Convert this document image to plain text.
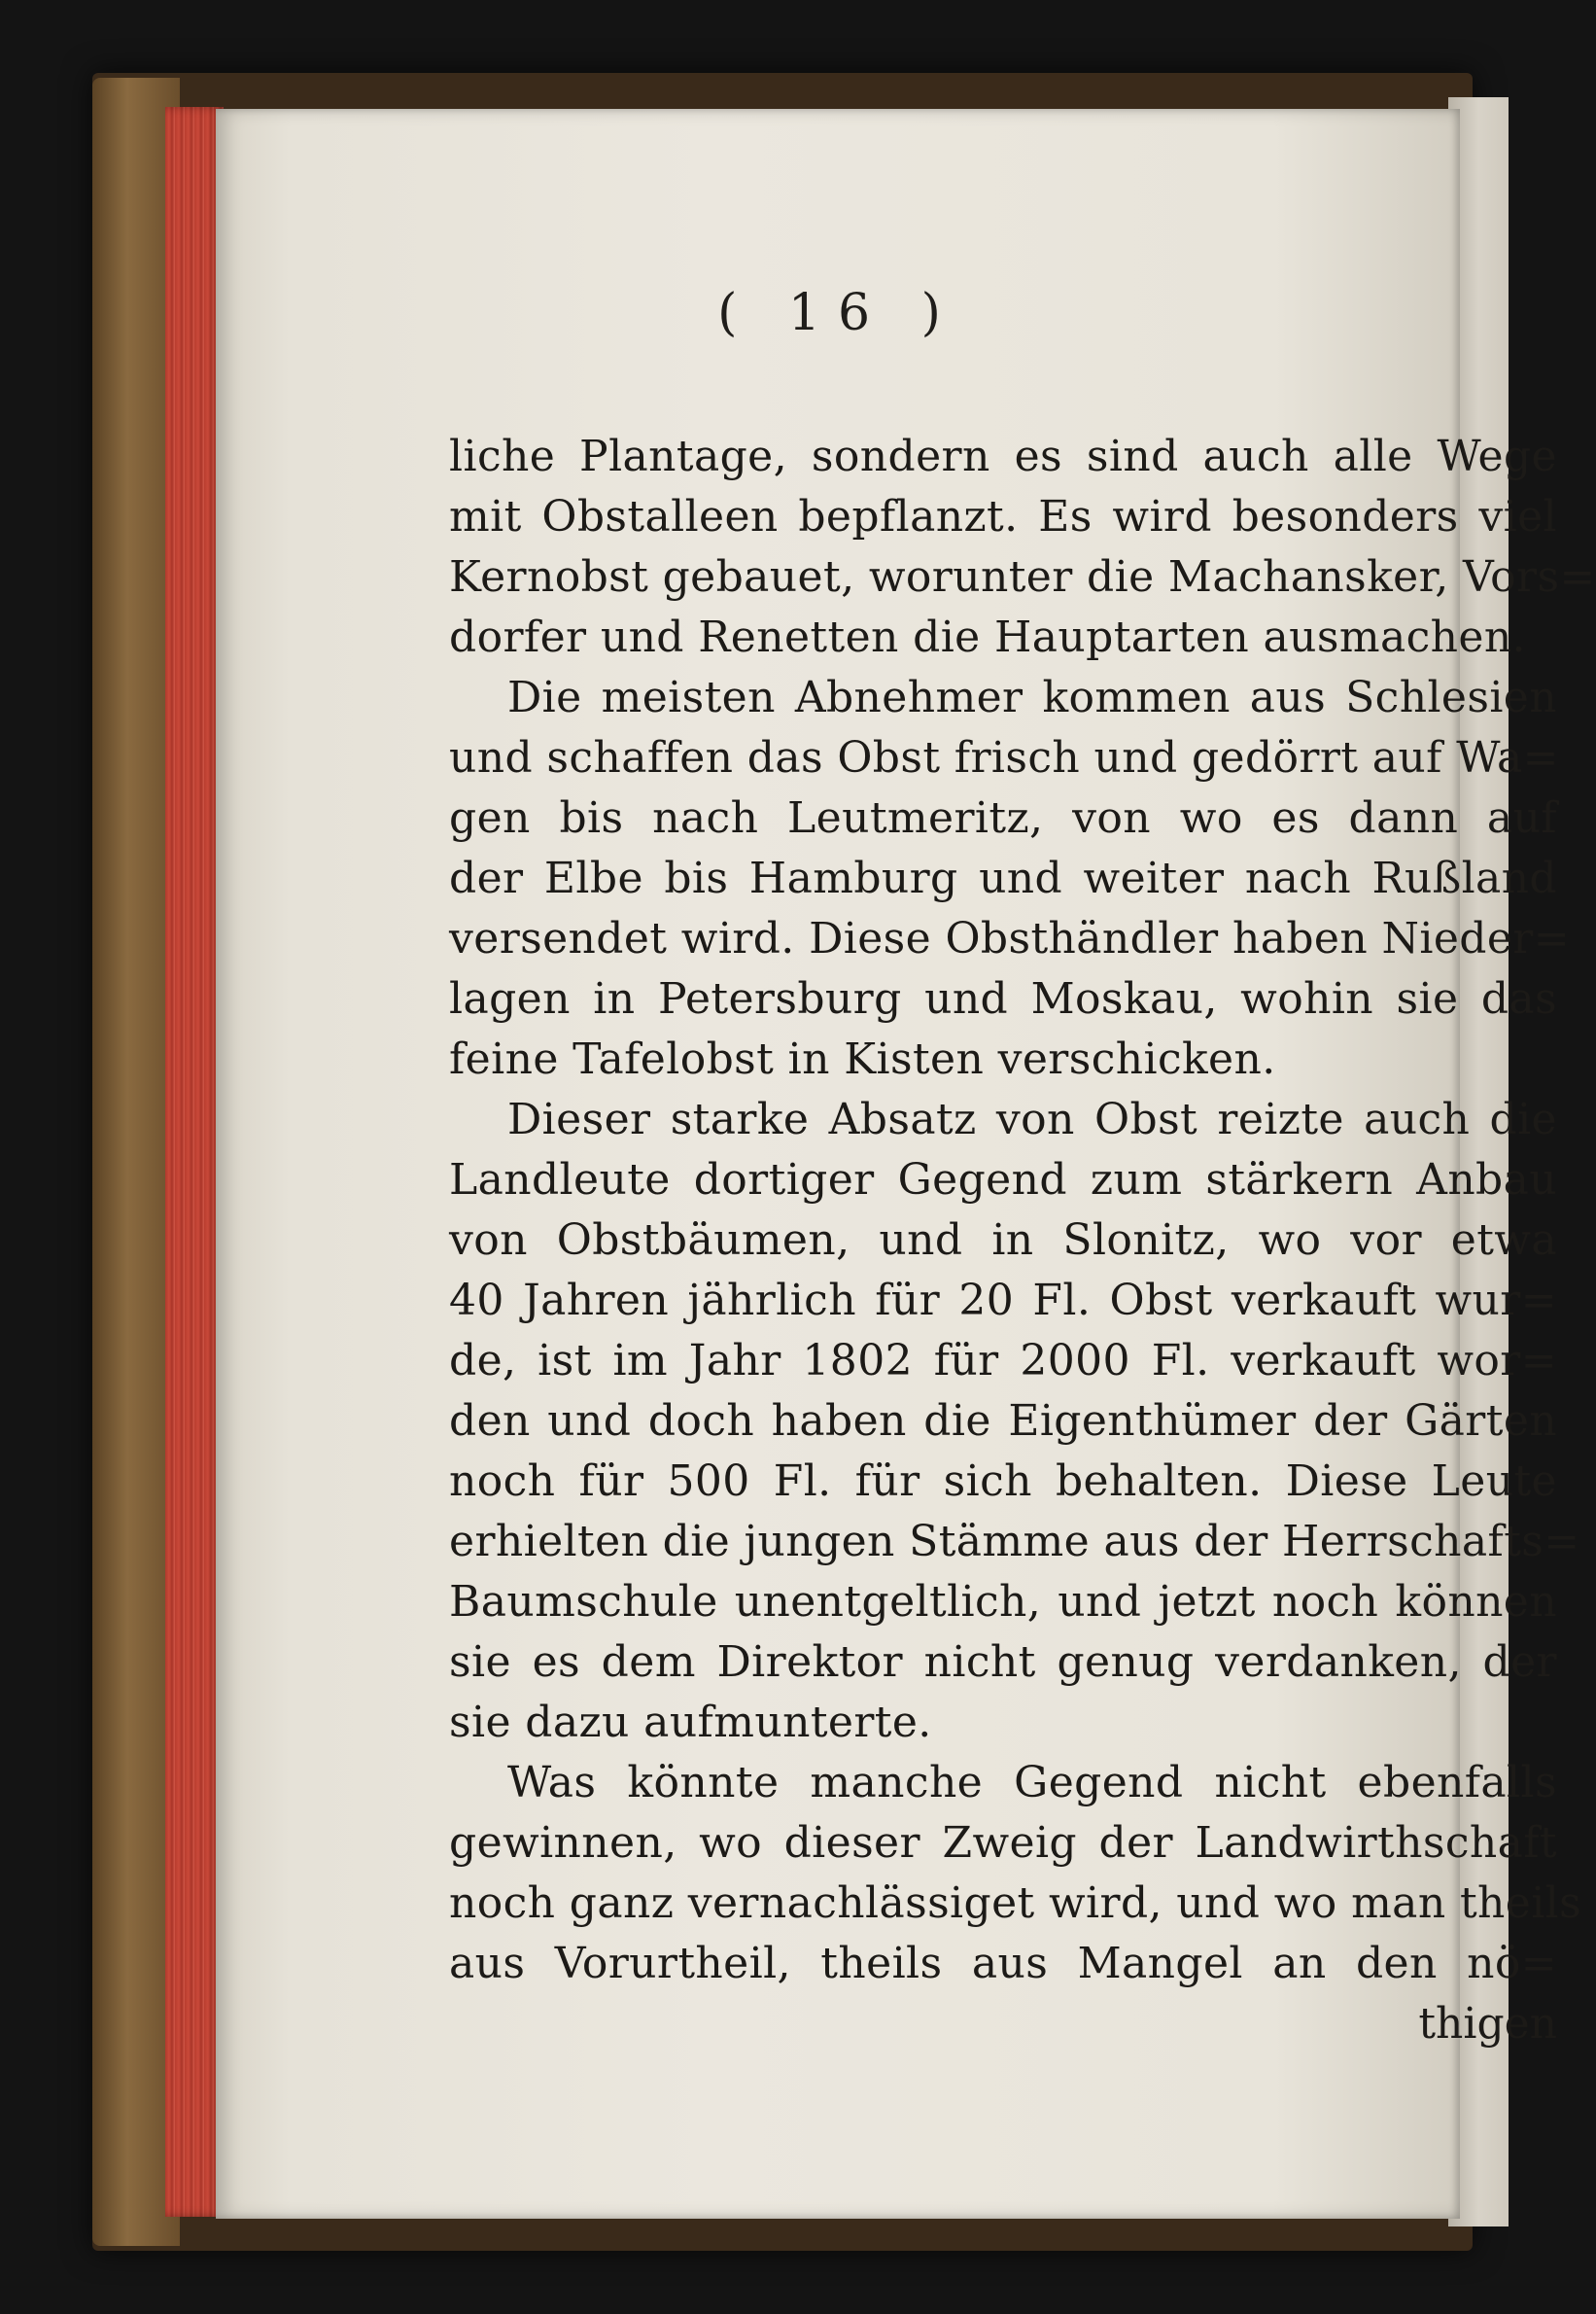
( 16 )
liche Plantage, sondern es sind auch alle Wege
mit Obstalleen bepflanzt. Es wird besonders viel
Kernobst gebauet, worunter die Machansker, Vors=
dorfer und Renetten die Hauptarten ausmachen.
Die meisten Abnehmer kommen aus Schlesien
und schaffen das Obst frisch und gedörrt auf Wa=
gen bis nach Leutmeritz, von wo es dann auf
der Elbe bis Hamburg und weiter nach Rußland
versendet wird. Diese Obsthändler haben Nieder=
lagen in Petersburg und Moskau, wohin sie das
feine Tafelobst in Kisten verschicken.
Dieser starke Absatz von Obst reizte auch die
Landleute dortiger Gegend zum stärkern Anbau
von Obstbäumen, und in Slonitz, wo vor etwa
40 Jahren jährlich für 20 Fl. Obst verkauft wur=
de, ist im Jahr 1802 für 2000 Fl. verkauft wor=
den und doch haben die Eigenthümer der Gärten
noch für 500 Fl. für sich behalten. Diese Leute
erhielten die jungen Stämme aus der Herrschafts=
Baumschule unentgeltlich, und jetzt noch können
sie es dem Direktor nicht genug verdanken, der
sie dazu aufmunterte.
Was könnte manche Gegend nicht ebenfalls
gewinnen, wo dieser Zweig der Landwirthschaft
noch ganz vernachlässiget wird, und wo man theils
aus Vorurtheil, theils aus Mangel an den nö=
thigen
